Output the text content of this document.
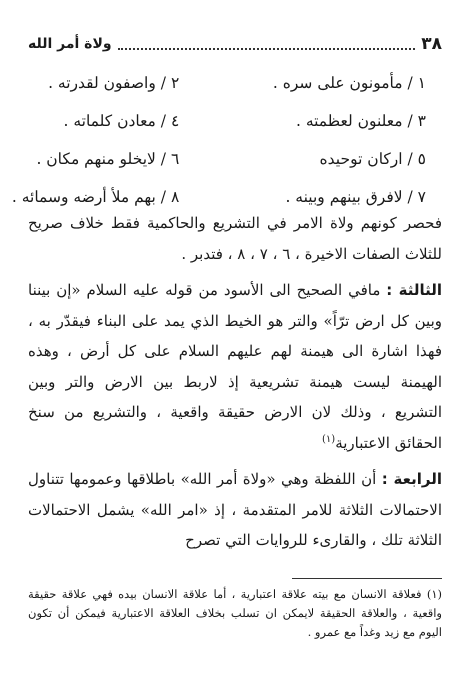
٣٨
ولاة أمر الله
١ / مأمونون على سره .
٢ / واصفون لقدرته .
٣ / معلنون لعظمته .
٤ / معادن كلماته .
٥ / اركان توحيده
٦ / لايخلو منهم مكان .
٧ / لافرق بينهم وبينه .
٨ / بهم ملأ أرضه وسمائه .

فحصر كونهم ولاة الامر في التشريع والحاكمية فقط خلاف صريح للثلاث الصفات الاخيرة ، ٦ ، ٧ ، ٨ ، فتدبر .

الثالثة : مافي الصحيح الى الأسود من قوله عليه السلام «إن بيننا وبين كل ارض ترّاً» والتر هو الخيط الذي يمد على البناء فيقدّر به ، فهذا اشارة الى هيمنة لهم عليهم السلام على كل أرض ، وهذه الهيمنة ليست هيمنة تشريعية إذ لاربط بين الارض والتر وبين التشريع ، وذلك لان الارض حقيقة واقعية ، والتشريع من سنخ الحقائق الاعتبارية$^{(١)}$

الرابعة : أن اللفظة وهي «ولاة أمر الله» باطلاقها وعمومها تتناول الاحتمالات الثلاثة للامر المتقدمة ، إذ «امر الله» يشمل الاحتمالات الثلاثة تلك ، والقارىء للروايات التي تصرح

(١) فعلاقة الانسان مع بيته علاقة اعتبارية ، أما علاقة الانسان بيده فهي علاقة حقيقة واقعية ، والعلاقة الحقيقة لايمكن ان تسلب بخلاف العلاقة الاعتبارية فيمكن أن تكون اليوم مع زيد وغداً مع عمرو .
